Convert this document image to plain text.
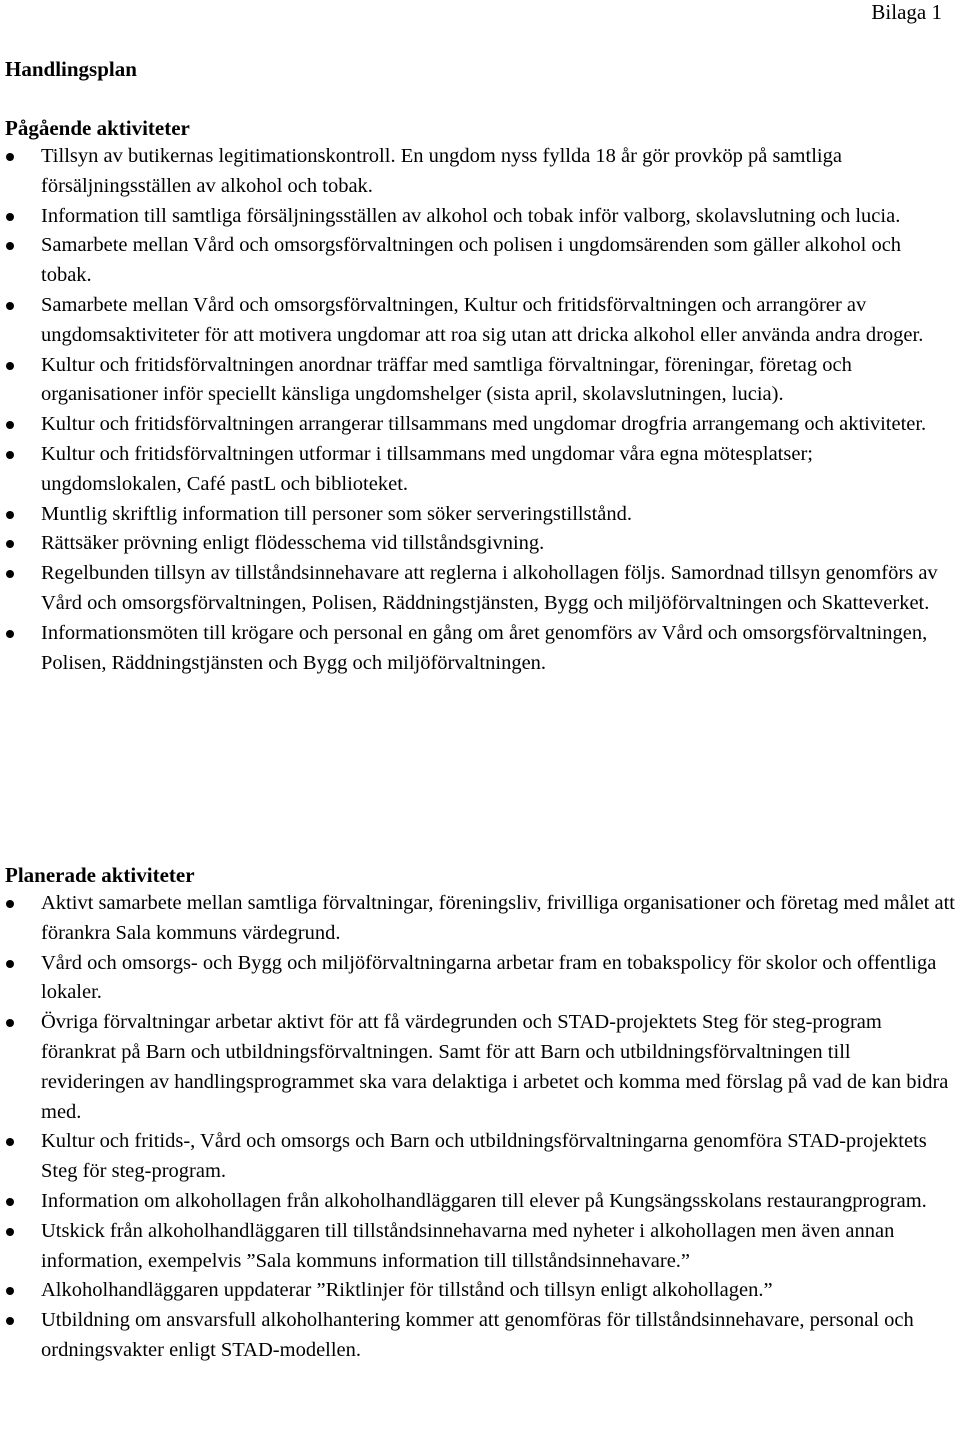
Bilaga 1
Handlingsplan
Pågående aktiviteter
Tillsyn av butikernas legitimationskontroll. En ungdom nyss fyllda 18 år gör provköp på samtliga försäljningsställen av alkohol och tobak.
Information till samtliga försäljningsställen av alkohol och tobak inför valborg, skolavslutning och lucia.
Samarbete mellan Vård och omsorgsförvaltningen och polisen i ungdomsärenden som gäller alkohol och tobak.
Samarbete mellan Vård och omsorgsförvaltningen, Kultur och fritidsförvaltningen och arrangörer av ungdomsaktiviteter för att motivera ungdomar att roa sig utan att dricka alkohol eller använda andra droger.
Kultur och fritidsförvaltningen anordnar träffar med samtliga förvaltningar, föreningar, företag och organisationer inför speciellt känsliga ungdomshelger (sista april, skolavslutningen, lucia).
Kultur och fritidsförvaltningen arrangerar tillsammans med ungdomar drogfria arrangemang och aktiviteter.
Kultur och fritidsförvaltningen utformar i tillsammans med ungdomar våra egna mötesplatser; ungdomslokalen, Café pastL och biblioteket.
Muntlig skriftlig information till personer som söker serveringstillstånd.
Rättsäker prövning enligt flödesschema vid tillståndsgivning.
Regelbunden tillsyn av tillståndsinnehavare att reglerna i alkohollagen följs. Samordnad tillsyn genomförs av Vård och omsorgsförvaltningen, Polisen, Räddningstjänsten, Bygg och miljöförvaltningen och Skatteverket.
Informationsmöten till krögare och personal en gång om året genomförs av Vård och omsorgsförvaltningen, Polisen, Räddningstjänsten och Bygg och miljöförvaltningen.
Planerade aktiviteter
Aktivt samarbete mellan samtliga förvaltningar, föreningsliv, frivilliga organisationer och företag med målet att förankra Sala kommuns värdegrund.
Vård och omsorgs- och Bygg och miljöförvaltningarna arbetar fram en tobakspolicy för skolor och offentliga lokaler.
Övriga förvaltningar arbetar aktivt för att få värdegrunden och STAD-projektets Steg för steg-program förankrat på Barn och utbildningsförvaltningen. Samt för att Barn och utbildningsförvaltningen till revideringen av handlingsprogrammet ska vara delaktiga i arbetet och komma med förslag på vad de kan bidra med.
Kultur och fritids-, Vård och omsorgs och Barn och utbildningsförvaltningarna genomföra STAD-projektets Steg för steg-program.
Information om alkohollagen från alkoholhandläggaren till elever på Kungsängsskolans restaurangprogram.
Utskick från alkoholhandläggaren till tillståndsinnehavarna med nyheter i alkohollagen men även annan information, exempelvis ”Sala kommuns information till tillståndsinnehavare.”
Alkoholhandläggaren uppdaterar ”Riktlinjer för tillstånd och tillsyn enligt alkohollagen.”
Utbildning om ansvarsfull alkoholhantering kommer att genomföras för tillståndsinnehavare, personal och ordningsvakter enligt STAD-modellen.
